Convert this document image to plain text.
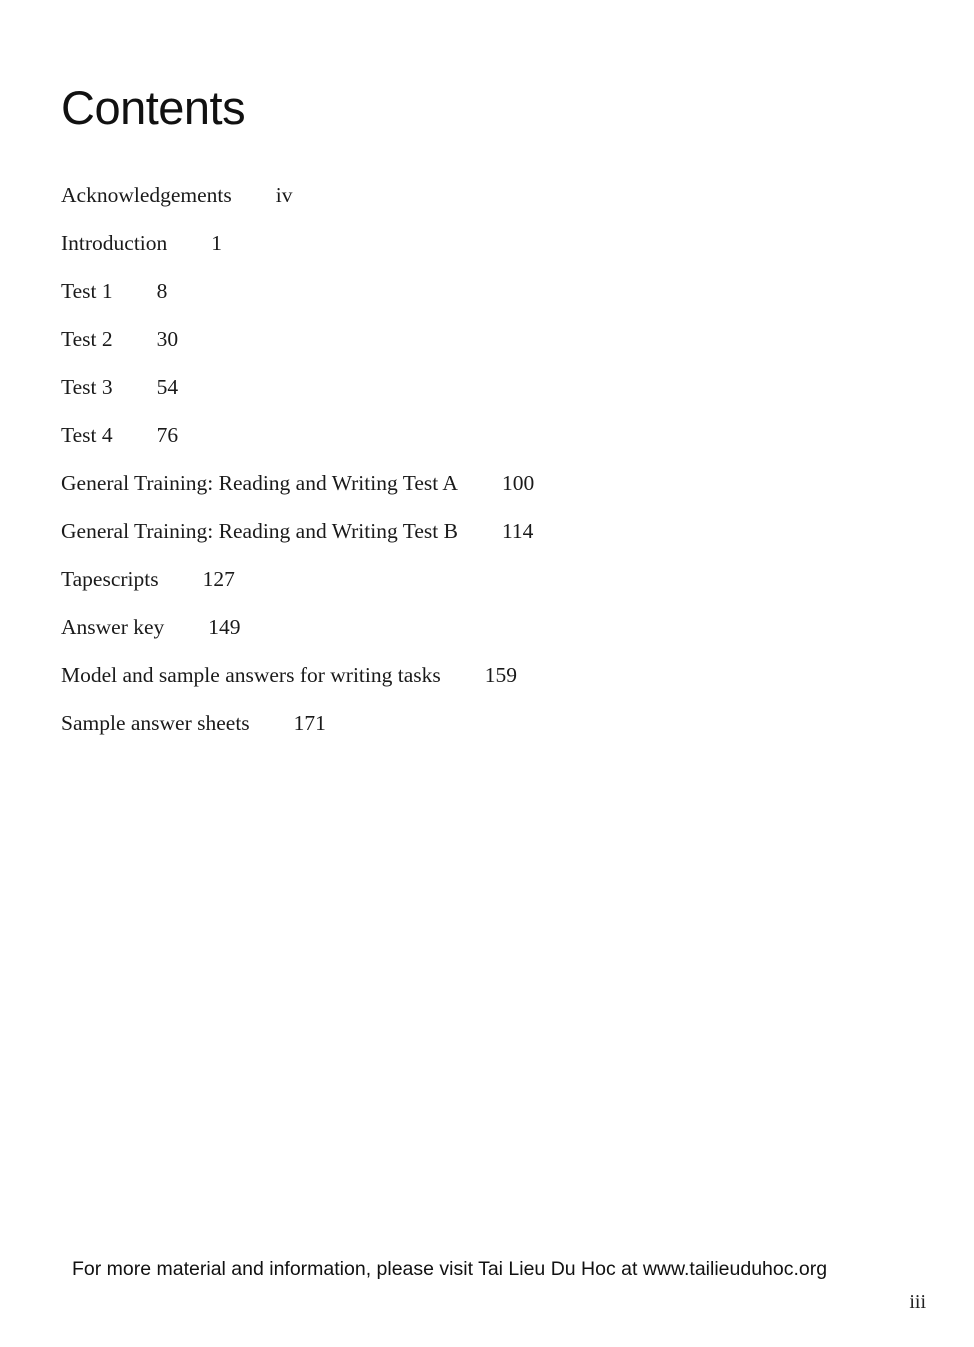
Contents
Acknowledgements iv
Introduction 1
Test 1 8
Test 2 30
Test 3 54
Test 4 76
General Training: Reading and Writing Test A 100
General Training: Reading and Writing Test B 114
Tapescripts 127
Answer key 149
Model and sample answers for writing tasks 159
Sample answer sheets 171
For more material and information, please visit Tai Lieu Du Hoc at www.tailieuduhoc.org
iii
